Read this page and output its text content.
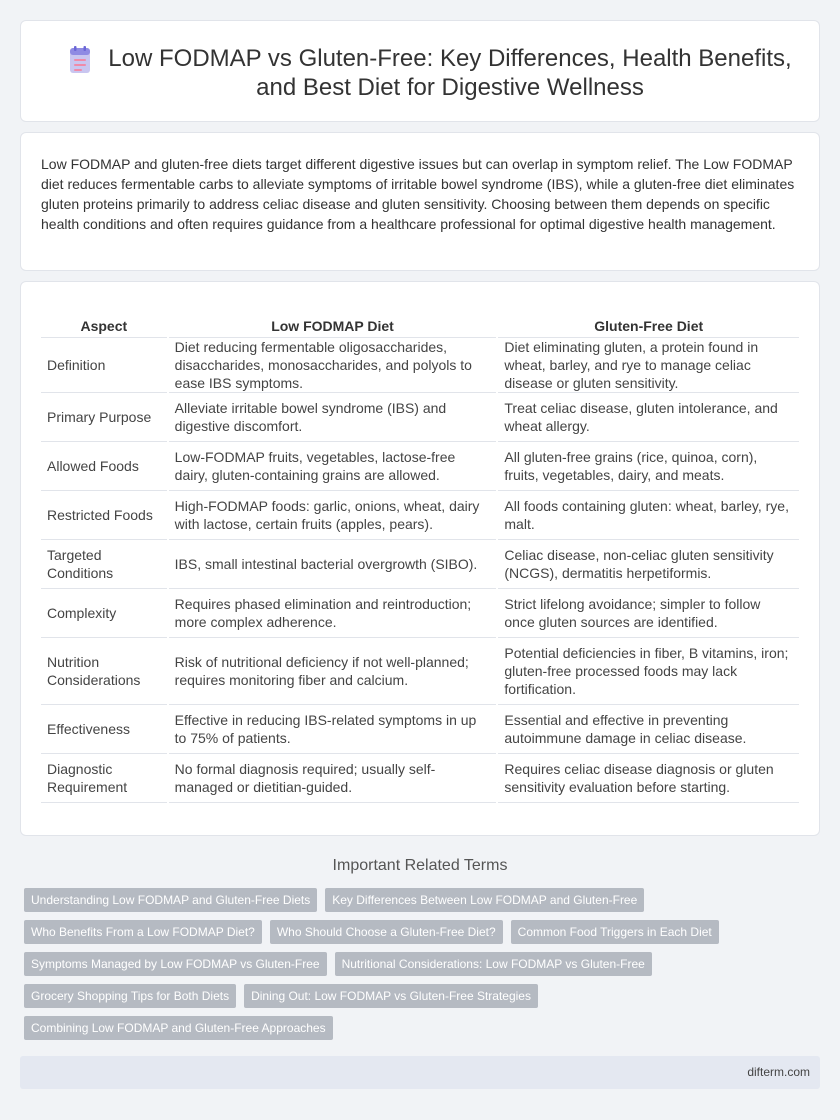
Low FODMAP vs Gluten-Free: Key Differences, Health Benefits, and Best Diet for Digestive Wellness

Low FODMAP and gluten-free diets target different digestive issues but can overlap in symptom relief. The Low FODMAP diet reduces fermentable carbs to alleviate symptoms of irritable bowel syndrome (IBS), while a gluten-free diet eliminates gluten proteins primarily to address celiac disease and gluten sensitivity. Choosing between them depends on specific health conditions and often requires guidance from a healthcare professional for optimal digestive health management.

Aspect	Low FODMAP Diet	Gluten-Free Diet
Definition	Diet reducing fermentable oligosaccharides, disaccharides, monosaccharides, and polyols to ease IBS symptoms.	Diet eliminating gluten, a protein found in wheat, barley, and rye to manage celiac disease or gluten sensitivity.
Primary Purpose	Alleviate irritable bowel syndrome (IBS) and digestive discomfort.	Treat celiac disease, gluten intolerance, and wheat allergy.
Allowed Foods	Low-FODMAP fruits, vegetables, lactose-free dairy, gluten-containing grains are allowed.	All gluten-free grains (rice, quinoa, corn), fruits, vegetables, dairy, and meats.
Restricted Foods	High-FODMAP foods: garlic, onions, wheat, dairy with lactose, certain fruits (apples, pears).	All foods containing gluten: wheat, barley, rye, malt.
Targeted Conditions	IBS, small intestinal bacterial overgrowth (SIBO).	Celiac disease, non-celiac gluten sensitivity (NCGS), dermatitis herpetiformis.
Complexity	Requires phased elimination and reintroduction; more complex adherence.	Strict lifelong avoidance; simpler to follow once gluten sources are identified.
Nutrition Considerations	Risk of nutritional deficiency if not well-planned; requires monitoring fiber and calcium.	Potential deficiencies in fiber, B vitamins, iron; gluten-free processed foods may lack fortification.
Effectiveness	Effective in reducing IBS-related symptoms in up to 75% of patients.	Essential and effective in preventing autoimmune damage in celiac disease.
Diagnostic Requirement	No formal diagnosis required; usually self-managed or dietitian-guided.	Requires celiac disease diagnosis or gluten sensitivity evaluation before starting.
Important Related Terms
Understanding Low FODMAP and Gluten-Free Diets	Key Differences Between Low FODMAP and Gluten-Free
Who Benefits From a Low FODMAP Diet?	Who Should Choose a Gluten-Free Diet?	Common Food Triggers in Each Diet
Symptoms Managed by Low FODMAP vs Gluten-Free	Nutritional Considerations: Low FODMAP vs Gluten-Free
Grocery Shopping Tips for Both Diets	Dining Out: Low FODMAP vs Gluten-Free Strategies
Combining Low FODMAP and Gluten-Free Approaches
difterm.com
